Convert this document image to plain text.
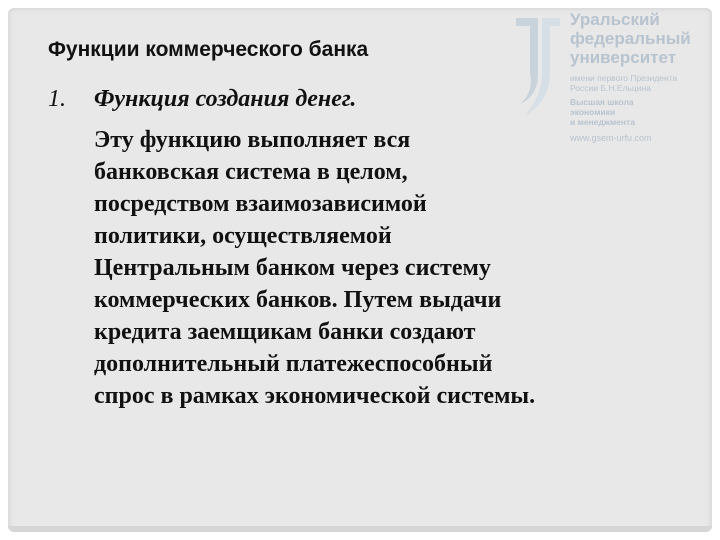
Уральский
федеральный
университет
имени первого Президента
России Б.Н.Ельцина
Высшая школа
экономики
и менеджмента
www.gsem-urfu.com
Функции коммерческого банка
1. Функция создания денег.

Эту функцию выполняет вся
банковская система в целом,
посредством взаимозависимой
политики, осуществляемой
Центральным банком через систему
коммерческих банков. Путем выдачи
кредита заемщикам банки создают
дополнительный платежеспособный
спрос в рамках экономической системы.
